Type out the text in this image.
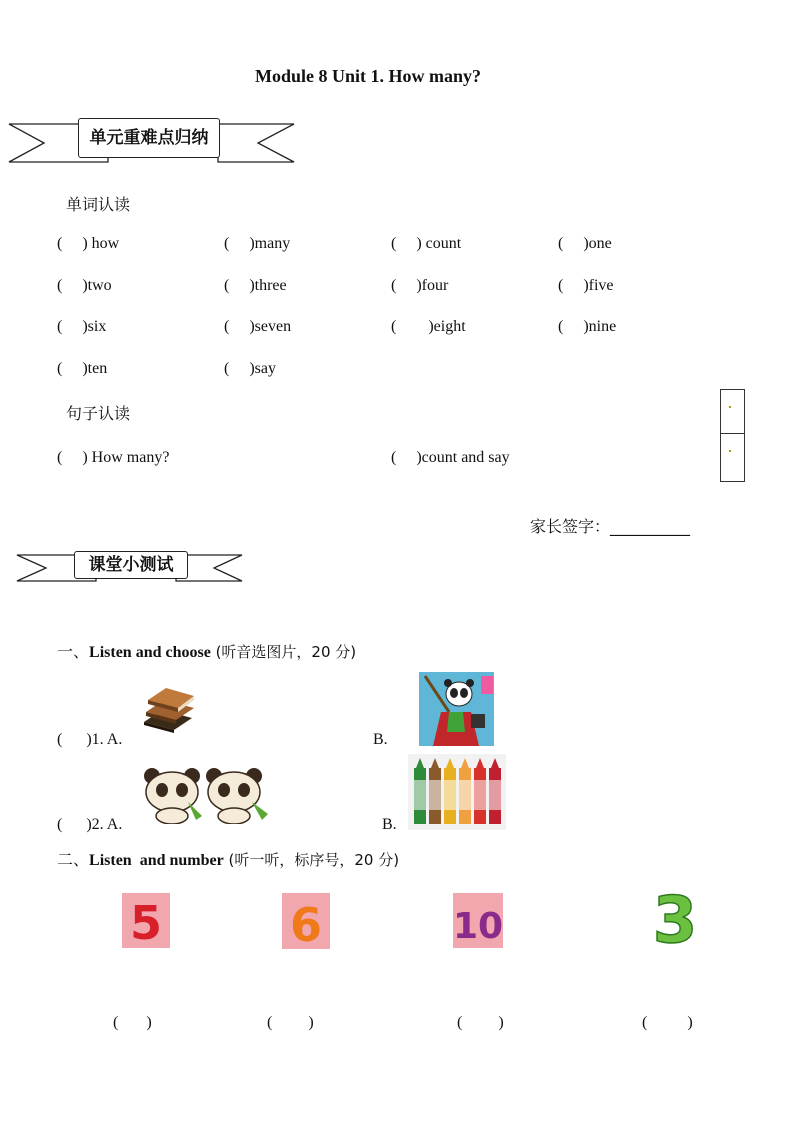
Module 8 Unit 1. How many?
单元重难点归纳
单词认读
(     ) how	(     )many	(     ) count	(     )one
(     )two	(     )three	(     )four	(     )five
(     )six	(     )seven	(        )eight	(     )nine
(     )ten	(     )say
句子认读
(     ) How many?	(     )count and say
家长签字：__________
课堂小测试
一、Listen and choose (听音选图片，20 分)
(      )1. A.	B.
(      )2. A.	B.
二、Listen  and number (听一听，标序号，20 分)
5	6	10 3
(       )	(         )	(         )	(          )
